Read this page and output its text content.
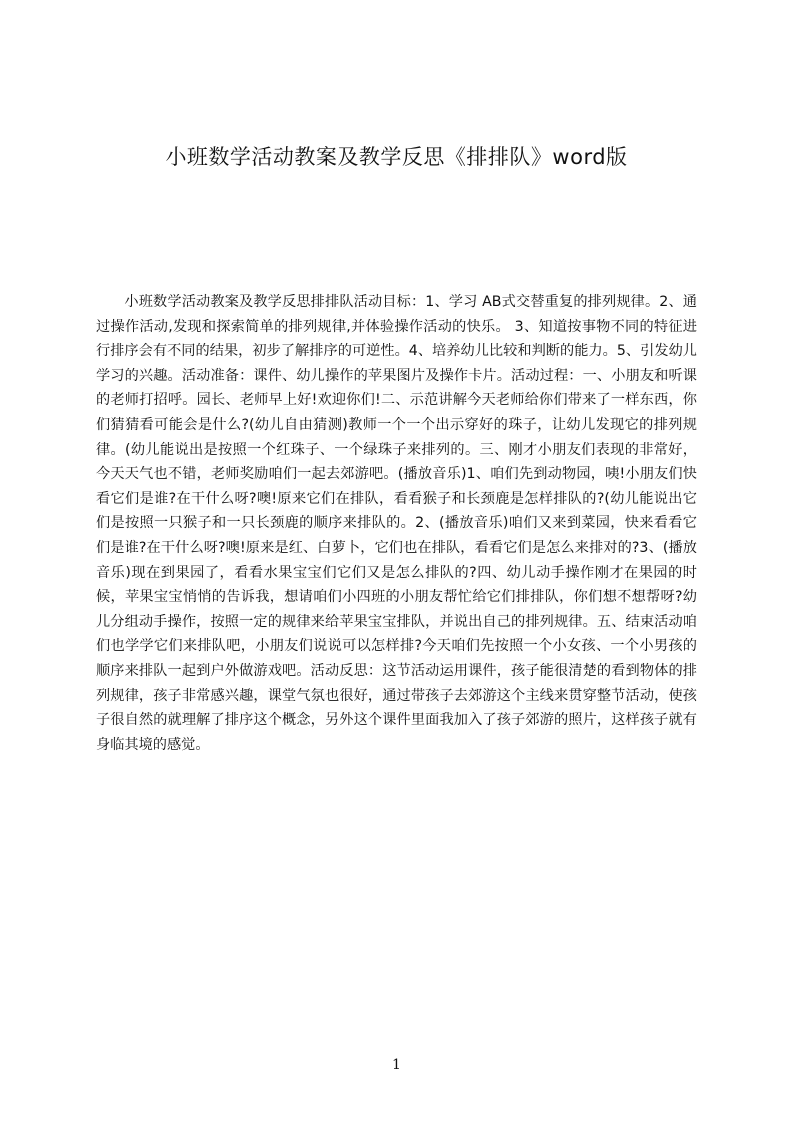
小班数学活动教案及教学反思《排排队》word版

小班数学活动教案及教学反思排排队活动目标：1、学习 AB式交替重复的排列规律。2、通过操作活动,发现和探索简单的排列规律,并体验操作活动的快乐。 3、知道按事物不同的特征进行排序会有不同的结果，初步了解排序的可逆性。4、培养幼儿比较和判断的能力。5、引发幼儿学习的兴趣。活动准备：课件、幼儿操作的苹果图片及操作卡片。活动过程：一、小朋友和听课的老师打招呼。园长、老师早上好!欢迎你们!二、示范讲解今天老师给你们带来了一样东西，你们猜猜看可能会是什么?(幼儿自由猜测)教师一个一个出示穿好的珠子，让幼儿发现它的排列规律。(幼儿能说出是按照一个红珠子、一个绿珠子来排列的。三、刚才小朋友们表现的非常好，今天天气也不错，老师奖励咱们一起去郊游吧。(播放音乐)1、咱们先到动物园，咦!小朋友们快看它们是谁?在干什么呀?噢!原来它们在排队，看看猴子和长颈鹿是怎样排队的?(幼儿能说出它们是按照一只猴子和一只长颈鹿的顺序来排队的。2、(播放音乐)咱们又来到菜园，快来看看它们是谁?在干什么呀?噢!原来是红、白萝卜，它们也在排队，看看它们是怎么来排对的?3、(播放音乐)现在到果园了，看看水果宝宝们它们又是怎么排队的?四、幼儿动手操作刚才在果园的时候，苹果宝宝悄悄的告诉我，想请咱们小四班的小朋友帮忙给它们排排队，你们想不想帮呀?幼儿分组动手操作，按照一定的规律来给苹果宝宝排队，并说出自己的排列规律。五、结束活动咱们也学学它们来排队吧，小朋友们说说可以怎样排?今天咱们先按照一个小女孩、一个小男孩的顺序来排队一起到户外做游戏吧。活动反思：这节活动运用课件，孩子能很清楚的看到物体的排列规律，孩子非常感兴趣，课堂气氛也很好，通过带孩子去郊游这个主线来贯穿整节活动，使孩子很自然的就理解了排序这个概念，另外这个课件里面我加入了孩子郊游的照片，这样孩子就有身临其境的感觉。

1
